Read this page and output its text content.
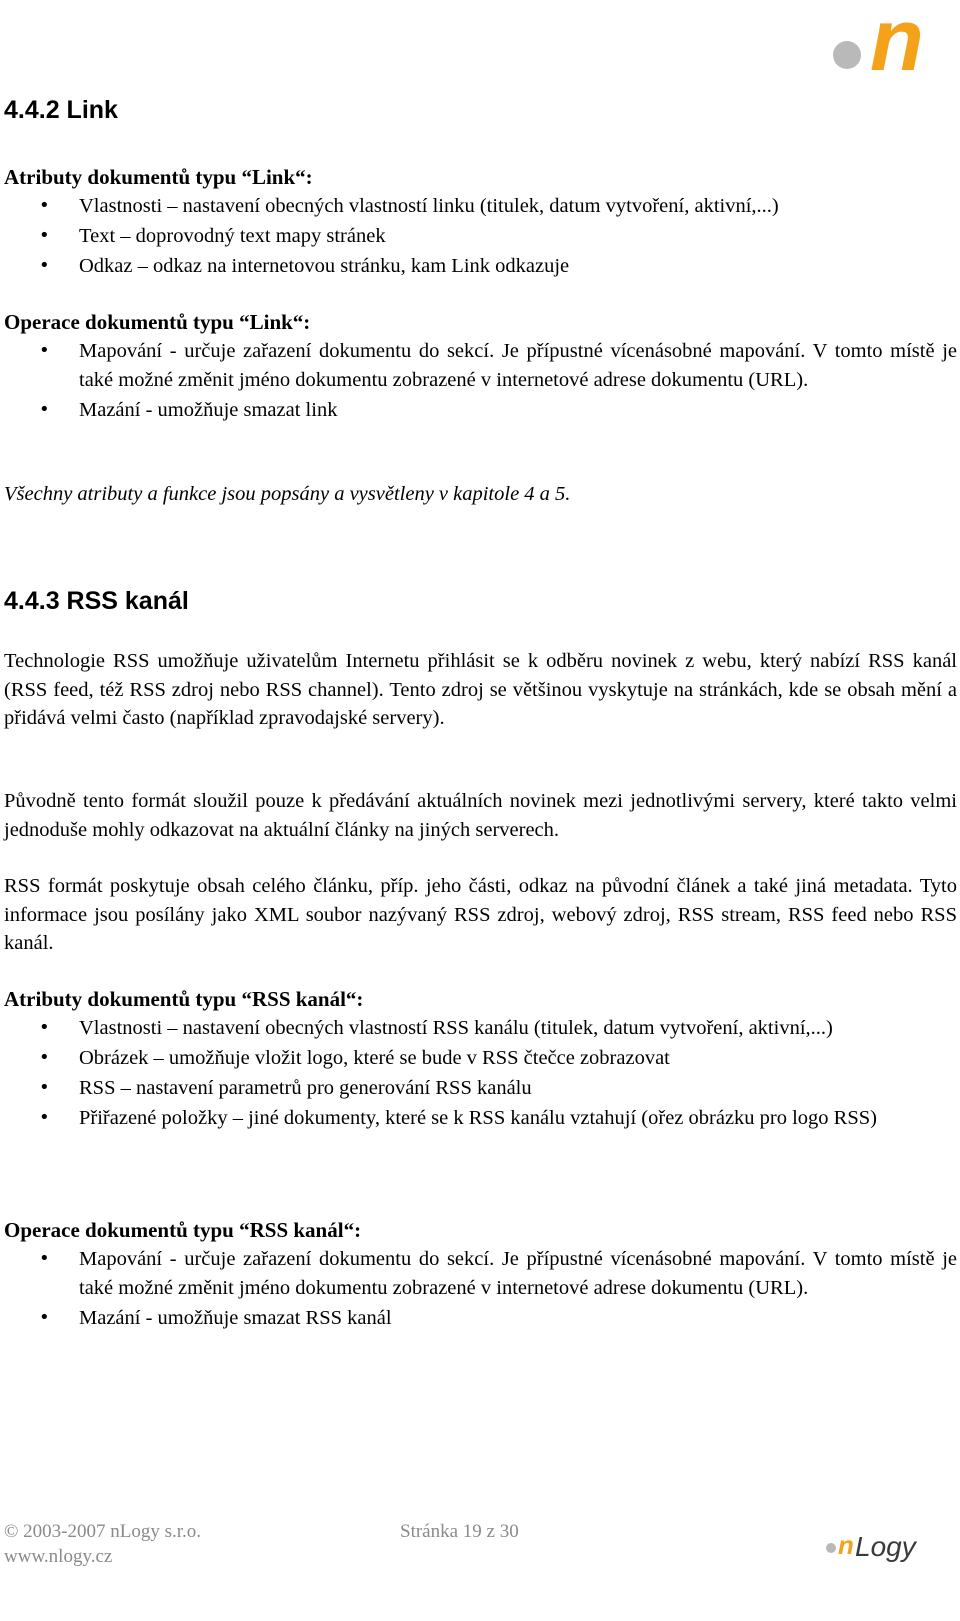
n
4.4.2 Link
Atributy dokumentů typu “Link“:
• Vlastnosti – nastavení obecných vlastností linku (titulek, datum vytvoření, aktivní,...)
• Text – doprovodný text mapy stránek
• Odkaz – odkaz na internetovou stránku, kam Link odkazuje
Operace dokumentů typu “Link“:
• Mapování - určuje zařazení dokumentu do sekcí. Je přípustné vícenásobné mapování. V tomto místě je také možné změnit jméno dokumentu zobrazené v internetové adrese dokumentu (URL).
• Mazání - umožňuje smazat link
Všechny atributy a funkce jsou popsány a vysvětleny v kapitole 4 a 5.
4.4.3 RSS kanál
Technologie RSS umožňuje uživatelům Internetu přihlásit se k odběru novinek z webu, který nabízí RSS kanál (RSS feed, též RSS zdroj nebo RSS channel). Tento zdroj se většinou vyskytuje na stránkách, kde se obsah mění a přidává velmi často (například zpravodajské servery).
Původně tento formát sloužil pouze k předávání aktuálních novinek mezi jednotlivými servery, které takto velmi jednoduše mohly odkazovat na aktuální články na jiných serverech.
RSS formát poskytuje obsah celého článku, příp. jeho části, odkaz na původní článek a také jiná metadata. Tyto informace jsou posílány jako XML soubor nazývaný RSS zdroj, webový zdroj, RSS stream, RSS feed nebo RSS kanál.
Atributy dokumentů typu “RSS kanál“:
• Vlastnosti – nastavení obecných vlastností RSS kanálu (titulek, datum vytvoření, aktivní,...)
• Obrázek – umožňuje vložit logo, které se bude v RSS čtečce zobrazovat
• RSS – nastavení parametrů pro generování RSS kanálu
• Přiřazené položky – jiné dokumenty, které se k RSS kanálu vztahují (ořez obrázku pro logo RSS)
Operace dokumentů typu “RSS kanál“:
• Mapování - určuje zařazení dokumentu do sekcí. Je přípustné vícenásobné mapování. V tomto místě je také možné změnit jméno dokumentu zobrazené v internetové adrese dokumentu (URL).
• Mazání - umožňuje smazat RSS kanál
© 2003-2007 nLogy s.r.o.
www.nlogy.cz
Stránka 19 z 30	n Logy
